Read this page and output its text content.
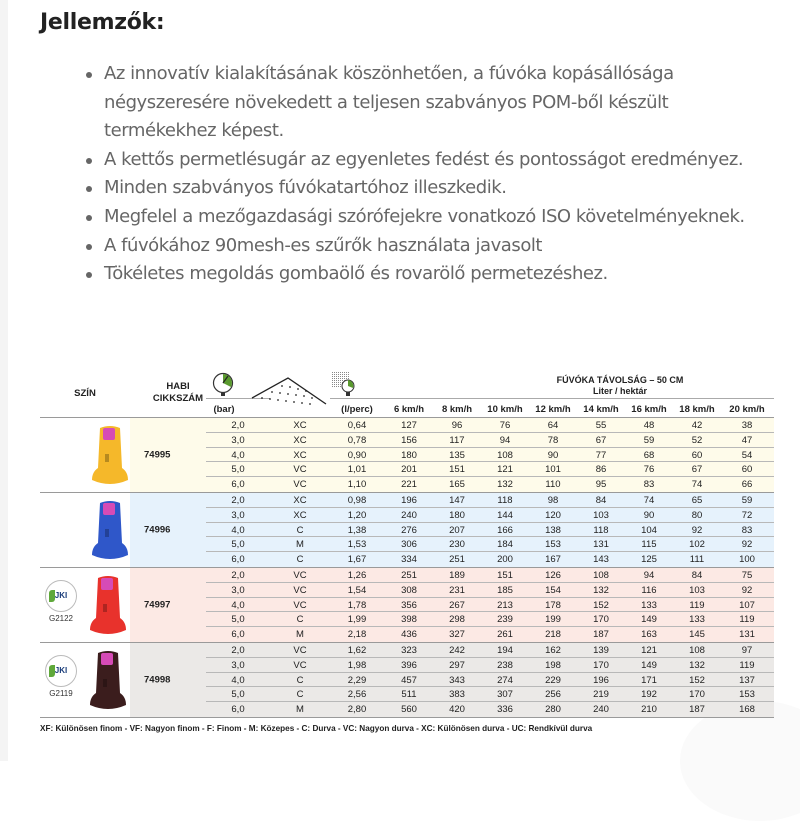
Jellemzők:
Az innovatív kialakításának köszönhetően, a fúvóka kopásállósága négyszeresére növekedett a teljesen szabványos POM-ből készült termékekhez képest.
A kettős permetlésugár az egyenletes fedést és pontosságot eredményez.
Minden szabványos fúvókatartóhoz illeszkedik.
Megfelel a mezőgazdasági szórófejekre vonatkozó ISO követelményeknek.
A fúvókához 90mesh-es szűrők használata javasolt
Tökéletes megoldás gombaölő és rovarölő permetezéshez.
SZÍN
HABI CIKKSZÁM
(bar)	(l/perc)
FÚVÓKA TÁVOLSÁG – 50 CM
Liter / hektár
6 km/h	8 km/h	10 km/h	12 km/h	14 km/h	16 km/h	18 km/h	20 km/h
74995
2,0	XC	0,64	127	96	76	64	55	48	42	38
3,0	XC	0,78	156	117	94	78	67	59	52	47
4,0	XC	0,90	180	135	108	90	77	68	60	54
5,0	VC	1,01	201	151	121	101	86	76	67	60
6,0	VC	1,10	221	165	132	110	95	83	74	66
74996
2,0	XC	0,98	196	147	118	98	84	74	65	59
3,0	XC	1,20	240	180	144	120	103	90	80	72
4,0	C	1,38	276	207	166	138	118	104	92	83
5,0	M	1,53	306	230	184	153	131	115	102	92
6,0	C	1,67	334	251	200	167	143	125	111	100
JKI
G2122
74997
2,0	VC	1,26	251	189	151	126	108	94	84	75
3,0	VC	1,54	308	231	185	154	132	116	103	92
4,0	VC	1,78	356	267	213	178	152	133	119	107
5,0	C	1,99	398	298	239	199	170	149	133	119
6,0	M	2,18	436	327	261	218	187	163	145	131
JKI
G2119
74998
2,0	VC	1,62	323	242	194	162	139	121	108	97
3,0	VC	1,98	396	297	238	198	170	149	132	119
4,0	C	2,29	457	343	274	229	196	171	152	137
5,0	C	2,56	511	383	307	256	219	192	170	153
6,0	M	2,80	560	420	336	280	240	210	187	168
XF: Különösen finom - VF: Nagyon finom - F: Finom - M: Közepes - C: Durva - VC: Nagyon durva - XC: Különösen durva - UC: Rendkívül durva
